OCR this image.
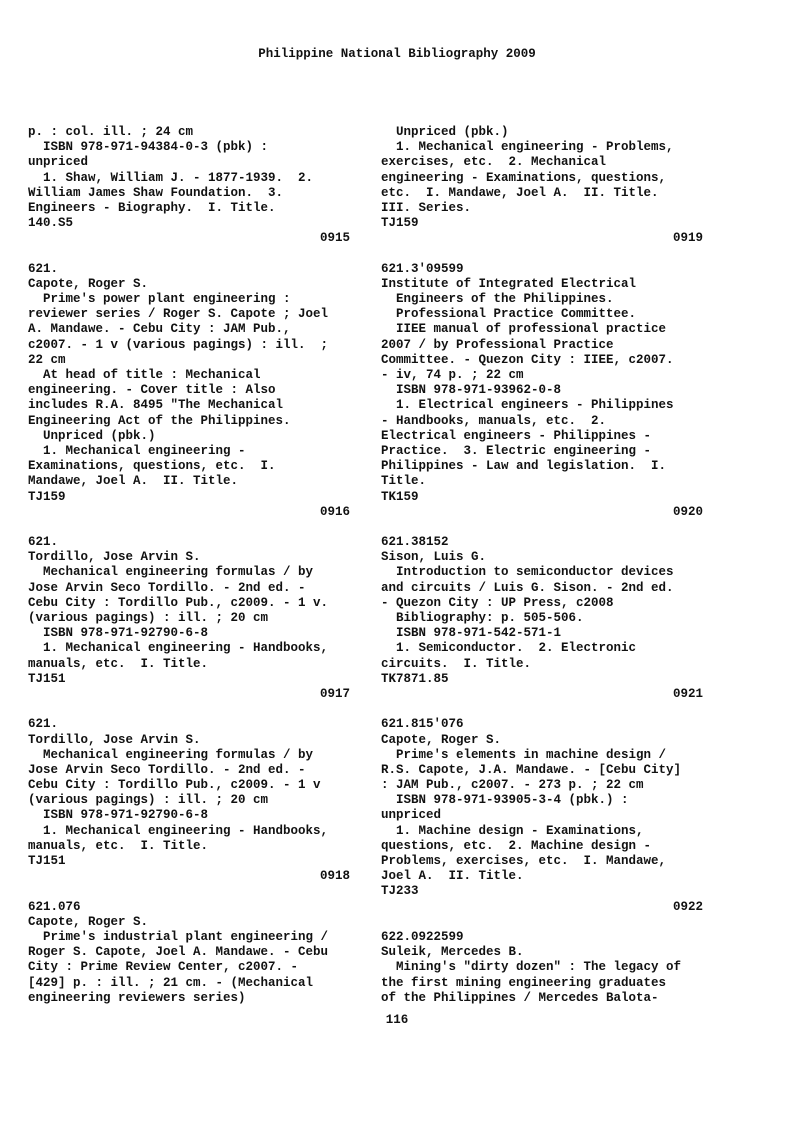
Philippine National Bibliography 2009
p. : col. ill. ; 24 cm
ISBN 978-971-94384-0-3 (pbk) :
unpriced
1. Shaw, William J. - 1877-1939.  2.
William James Shaw Foundation.  3.
Engineers - Biography.  I. Title.
140.S5
0915
621.
Capote, Roger S.
Prime's power plant engineering :
reviewer series / Roger S. Capote ; Joel
A. Mandawe. - Cebu City : JAM Pub.,
c2007. - 1 v (various pagings) : ill.  ;
22 cm
At head of title : Mechanical
engineering. - Cover title : Also
includes R.A. 8495 "The Mechanical
Engineering Act of the Philippines.
Unpriced (pbk.)
1. Mechanical engineering -
Examinations, questions, etc.  I.
Mandawe, Joel A.  II. Title.
TJ159
0916
621.
Tordillo, Jose Arvin S.
Mechanical engineering formulas / by
Jose Arvin Seco Tordillo. - 2nd ed. -
Cebu City : Tordillo Pub., c2009. - 1 v.
(various pagings) : ill. ; 20 cm
ISBN 978-971-92790-6-8
1. Mechanical engineering - Handbooks,
manuals, etc.  I. Title.
TJ151
0917
621.
Tordillo, Jose Arvin S.
Mechanical engineering formulas / by
Jose Arvin Seco Tordillo. - 2nd ed. -
Cebu City : Tordillo Pub., c2009. - 1 v
(various pagings) : ill. ; 20 cm
ISBN 978-971-92790-6-8
1. Mechanical engineering - Handbooks,
manuals, etc.  I. Title.
TJ151
0918
621.076
Capote, Roger S.
Prime's industrial plant engineering /
Roger S. Capote, Joel A. Mandawe. - Cebu
City : Prime Review Center, c2007. -
[429] p. : ill. ; 21 cm. - (Mechanical
engineering reviewers series)
Unpriced (pbk.)
1. Mechanical engineering - Problems,
exercises, etc.  2. Mechanical
engineering - Examinations, questions,
etc.  I. Mandawe, Joel A.  II. Title.
III. Series.
TJ159
0919
621.3'09599
Institute of Integrated Electrical
Engineers of the Philippines.
Professional Practice Committee.
IIEE manual of professional practice
2007 / by Professional Practice
Committee. - Quezon City : IIEE, c2007.
- iv, 74 p. ; 22 cm
ISBN 978-971-93962-0-8
1. Electrical engineers - Philippines
- Handbooks, manuals, etc.  2.
Electrical engineers - Philippines -
Practice.  3. Electric engineering -
Philippines - Law and legislation.  I.
Title.
TK159
0920
621.38152
Sison, Luis G.
Introduction to semiconductor devices
and circuits / Luis G. Sison. - 2nd ed.
- Quezon City : UP Press, c2008
Bibliography: p. 505-506.
ISBN 978-971-542-571-1
1. Semiconductor.  2. Electronic
circuits.  I. Title.
TK7871.85
0921
621.815'076
Capote, Roger S.
Prime's elements in machine design /
R.S. Capote, J.A. Mandawe. - [Cebu City]
: JAM Pub., c2007. - 273 p. ; 22 cm
ISBN 978-971-93905-3-4 (pbk.) :
unpriced
1. Machine design - Examinations,
questions, etc.  2. Machine design -
Problems, exercises, etc.  I. Mandawe,
Joel A.  II. Title.
TJ233
0922
622.0922599
Suleik, Mercedes B.
Mining's "dirty dozen" : The legacy of
the first mining engineering graduates
of the Philippines / Mercedes Balota-
116
